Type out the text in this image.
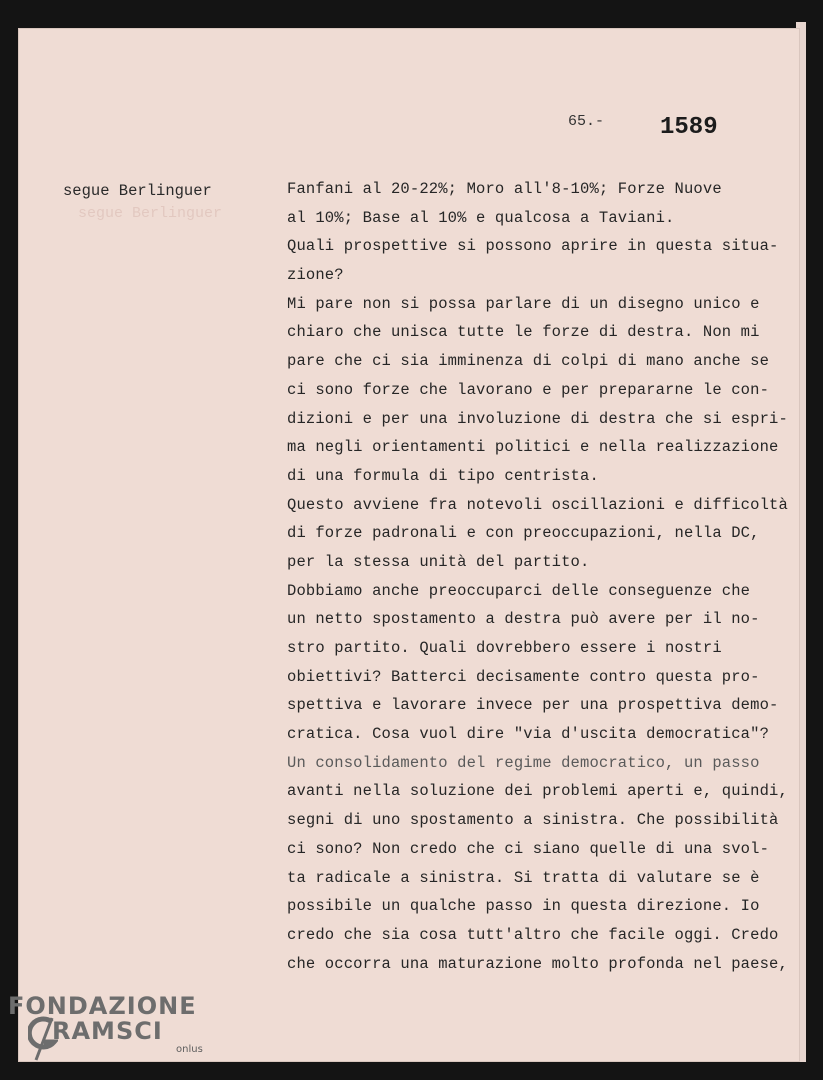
segue Berlinguer
65.- 1589
segue Berlinguer	Fanfani al 20-22%; Moro all'8-10%; Forze Nuove
al 10%; Base al 10% e qualcosa a Taviani.
Quali prospettive si possono aprire in questa situa-
zione?
Mi pare non si possa parlare di un disegno unico e
chiaro che unisca tutte le forze di destra. Non mi
pare che ci sia imminenza di colpi di mano anche se
ci sono forze che lavorano e per prepararne le con-
dizioni e per una involuzione di destra che si espri-
ma negli orientamenti politici e nella realizzazione
di una formula di tipo centrista.
Questo avviene fra notevoli oscillazioni e difficoltà
di forze padronali e con preoccupazioni, nella DC,
per la stessa unità del partito.
Dobbiamo anche preoccuparci delle conseguenze che
un netto spostamento a destra può avere per il no-
stro partito. Quali dovrebbero essere i nostri
obiettivi? Batterci decisamente contro questa pro-
spettiva e lavorare invece per una prospettiva demo-
cratica. Cosa vuol dire "via d'uscita democratica"?
Un consolidamento del regime democratico, un passo
avanti nella soluzione dei problemi aperti e, quindi,
segni di uno spostamento a sinistra. Che possibilità
ci sono? Non credo che ci siano quelle di una svol-
ta radicale a sinistra. Si tratta di valutare se è
possibile un qualche passo in questa direzione. Io
credo che sia cosa tutt'altro che facile oggi. Credo
che occorra una maturazione molto profonda nel paese,
FONDAZIONE
RAMSCI
onlus
